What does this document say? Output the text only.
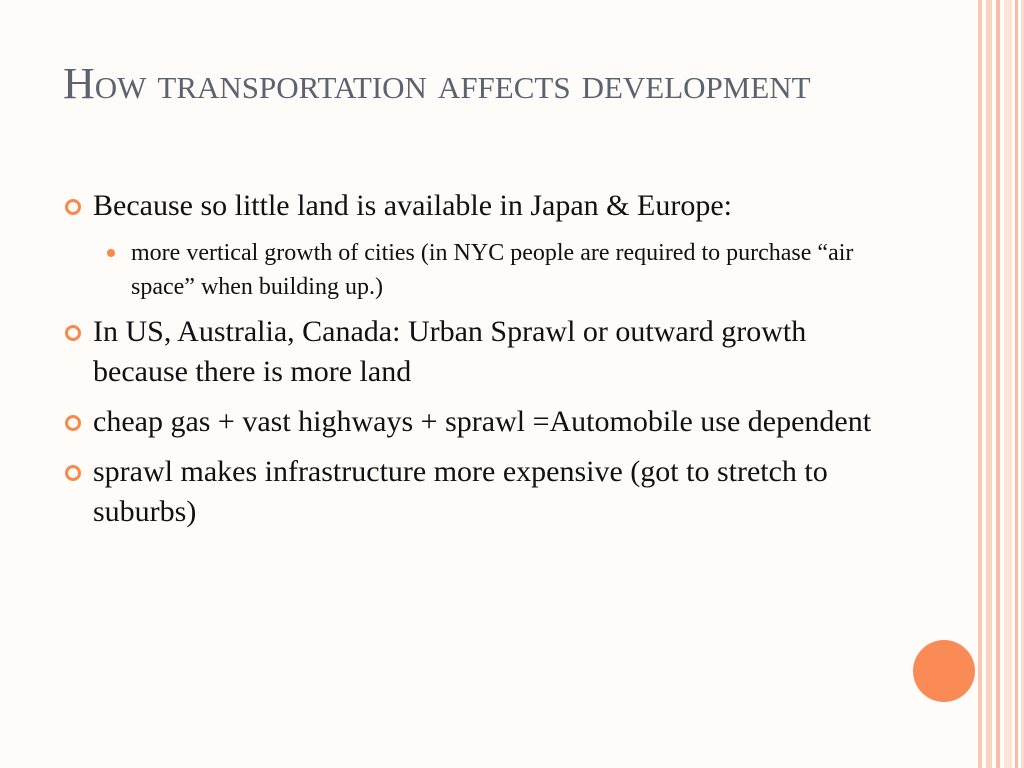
How transportation affects development
Because so little land is available in Japan & Europe:
more vertical growth of cities (in NYC people are required to purchase “air space” when building up.)
In US, Australia, Canada: Urban Sprawl or outward growth because there is more land
cheap gas + vast highways + sprawl =Automobile use dependent
sprawl makes infrastructure more expensive (got to stretch to suburbs)
